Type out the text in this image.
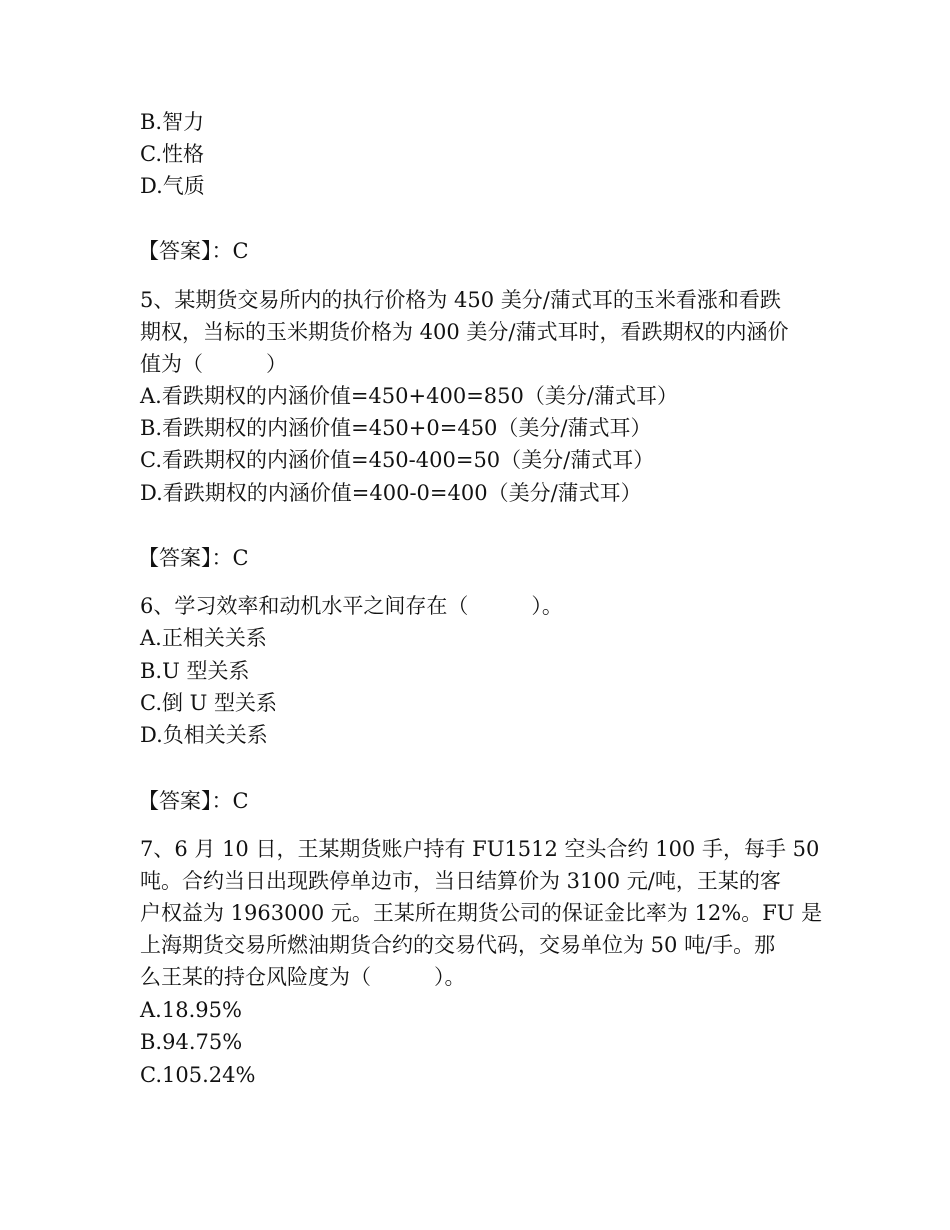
B.智力
C.性格
D.气质
【答案】：C
5、某期货交易所内的执行价格为 450 美分/蒲式耳的玉米看涨和看跌
期权，当标的玉米期货价格为 400 美分/蒲式耳时，看跌期权的内涵价
值为（　　　）
A.看跌期权的内涵价值=450+400=850（美分/蒲式耳）
B.看跌期权的内涵价值=450+0=450（美分/蒲式耳）
C.看跌期权的内涵价值=450-400=50（美分/蒲式耳）
D.看跌期权的内涵价值=400-0=400（美分/蒲式耳）
【答案】：C
6、学习效率和动机水平之间存在（　　　）。
A.正相关关系
B.U 型关系
C.倒 U 型关系
D.负相关关系
【答案】：C
7、6 月 10 日，王某期货账户持有 FU1512 空头合约 100 手，每手 50
吨。合约当日出现跌停单边市，当日结算价为 3100 元/吨，王某的客
户权益为 1963000 元。王某所在期货公司的保证金比率为 12%。FU 是
上海期货交易所燃油期货合约的交易代码，交易单位为 50 吨/手。那
么王某的持仓风险度为（　　　）。
A.18.95%
B.94.75%
C.105.24%
